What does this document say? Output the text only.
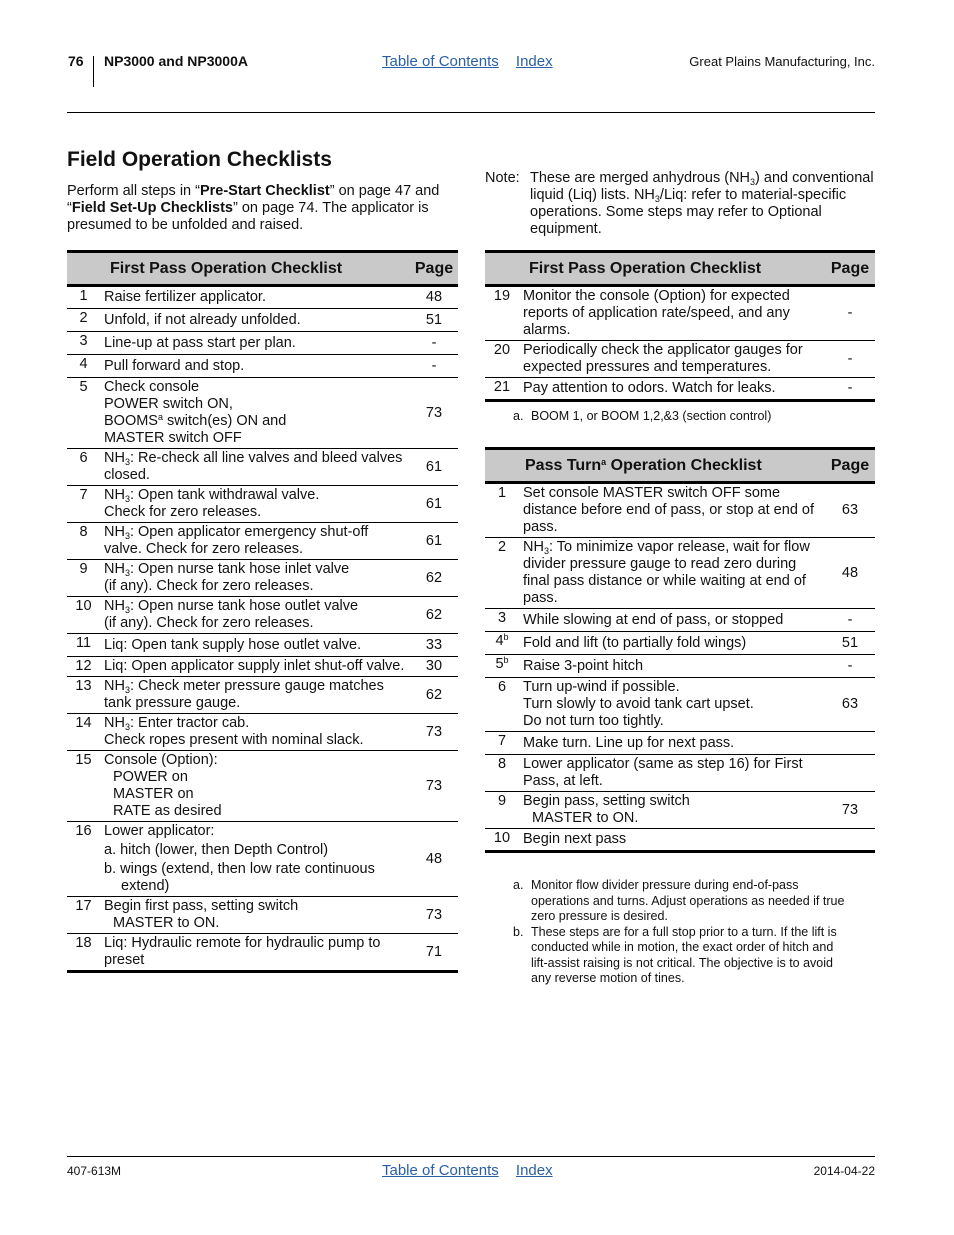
76 NP3000 and NP3000A	Table of Contents Index	Great Plains Manufacturing, Inc.
Field Operation Checklists
Perform all steps in “Pre-Start Checklist” on page 47 and “Field Set-Up Checklists” on page 74. The applicator is presumed to be unfolded and raised.
	First Pass Operation Checklist	Page
1	Raise fertilizer applicator.	48
2	Unfold, if not already unfolded.	51
3	Line-up at pass start per plan.	-
4	Pull forward and stop.	-
5	Check console
POWER switch ON,
BOOMS$^a$ switch(es) ON and
MASTER switch OFF	73
6	$NH_3$: Re-check all line valves and bleed valves closed.	61
7	$NH_3$: Open tank withdrawal valve.
Check for zero releases.	61
8	$NH_3$: Open applicator emergency shut-off valve. Check for zero releases.	61
9	$NH_3$: Open nurse tank hose inlet valve
(if any). Check for zero releases.	62
10	$NH_3$: Open nurse tank hose outlet valve
(if any). Check for zero releases.	62
11	Liq: Open tank supply hose outlet valve.	33
12	Liq: Open applicator supply inlet shut-off valve.	30
13	$NH_3$: Check meter pressure gauge matches tank pressure gauge.	62
14	$NH_3$: Enter tractor cab.
Check ropes present with nominal slack.	73
15	Console (Option):
POWER on
MASTER on
RATE as desired	73
16	Lower applicator:
a. hitch (lower, then Depth Control)
b. wings (extend, then low rate continuous extend)	48
17	Begin first pass, setting switch
MASTER to ON.	73
18	Liq: Hydraulic remote for hydraulic pump to preset	71
Note: These are merged anhydrous $(NH_3)$ and conventional liquid (Liq) lists. $NH_3$/Liq: refer to material-specific operations. Some steps may refer to Optional equipment.
	First Pass Operation Checklist	Page
19	Monitor the console (Option) for expected reports of application rate/speed, and any alarms.	-
20	Periodically check the applicator gauges for expected pressures and temperatures.	-
21	Pay attention to odors. Watch for leaks.	-
a. BOOM 1, or BOOM 1,2,&3 (section control)
	Pass Turn$^a$ Operation Checklist	Page
1	Set console MASTER switch OFF some distance before end of pass, or stop at end of pass.	63
2	$NH_3$: To minimize vapor release, wait for flow divider pressure gauge to read zero during final pass distance or while waiting at end of pass.	48
3	While slowing at end of pass, or stopped	-
4$^b$	Fold and lift (to partially fold wings)	51
5$^b$	Raise 3-point hitch	-
6	Turn up-wind if possible.
Turn slowly to avoid tank cart upset.
Do not turn too tightly.	63
7	Make turn. Line up for next pass.	
8	Lower applicator (same as step 16) for First Pass, at left.	
9	Begin pass, setting switch
MASTER to ON.	73
10	Begin next pass	
a. Monitor flow divider pressure during end-of-pass operations and turns. Adjust operations as needed if true zero pressure is desired.
b. These steps are for a full stop prior to a turn. If the lift is conducted while in motion, the exact order of hitch and lift-assist raising is not critical. The objective is to avoid any reverse motion of tines.
407-613M	Table of Contents Index	2014-04-22
